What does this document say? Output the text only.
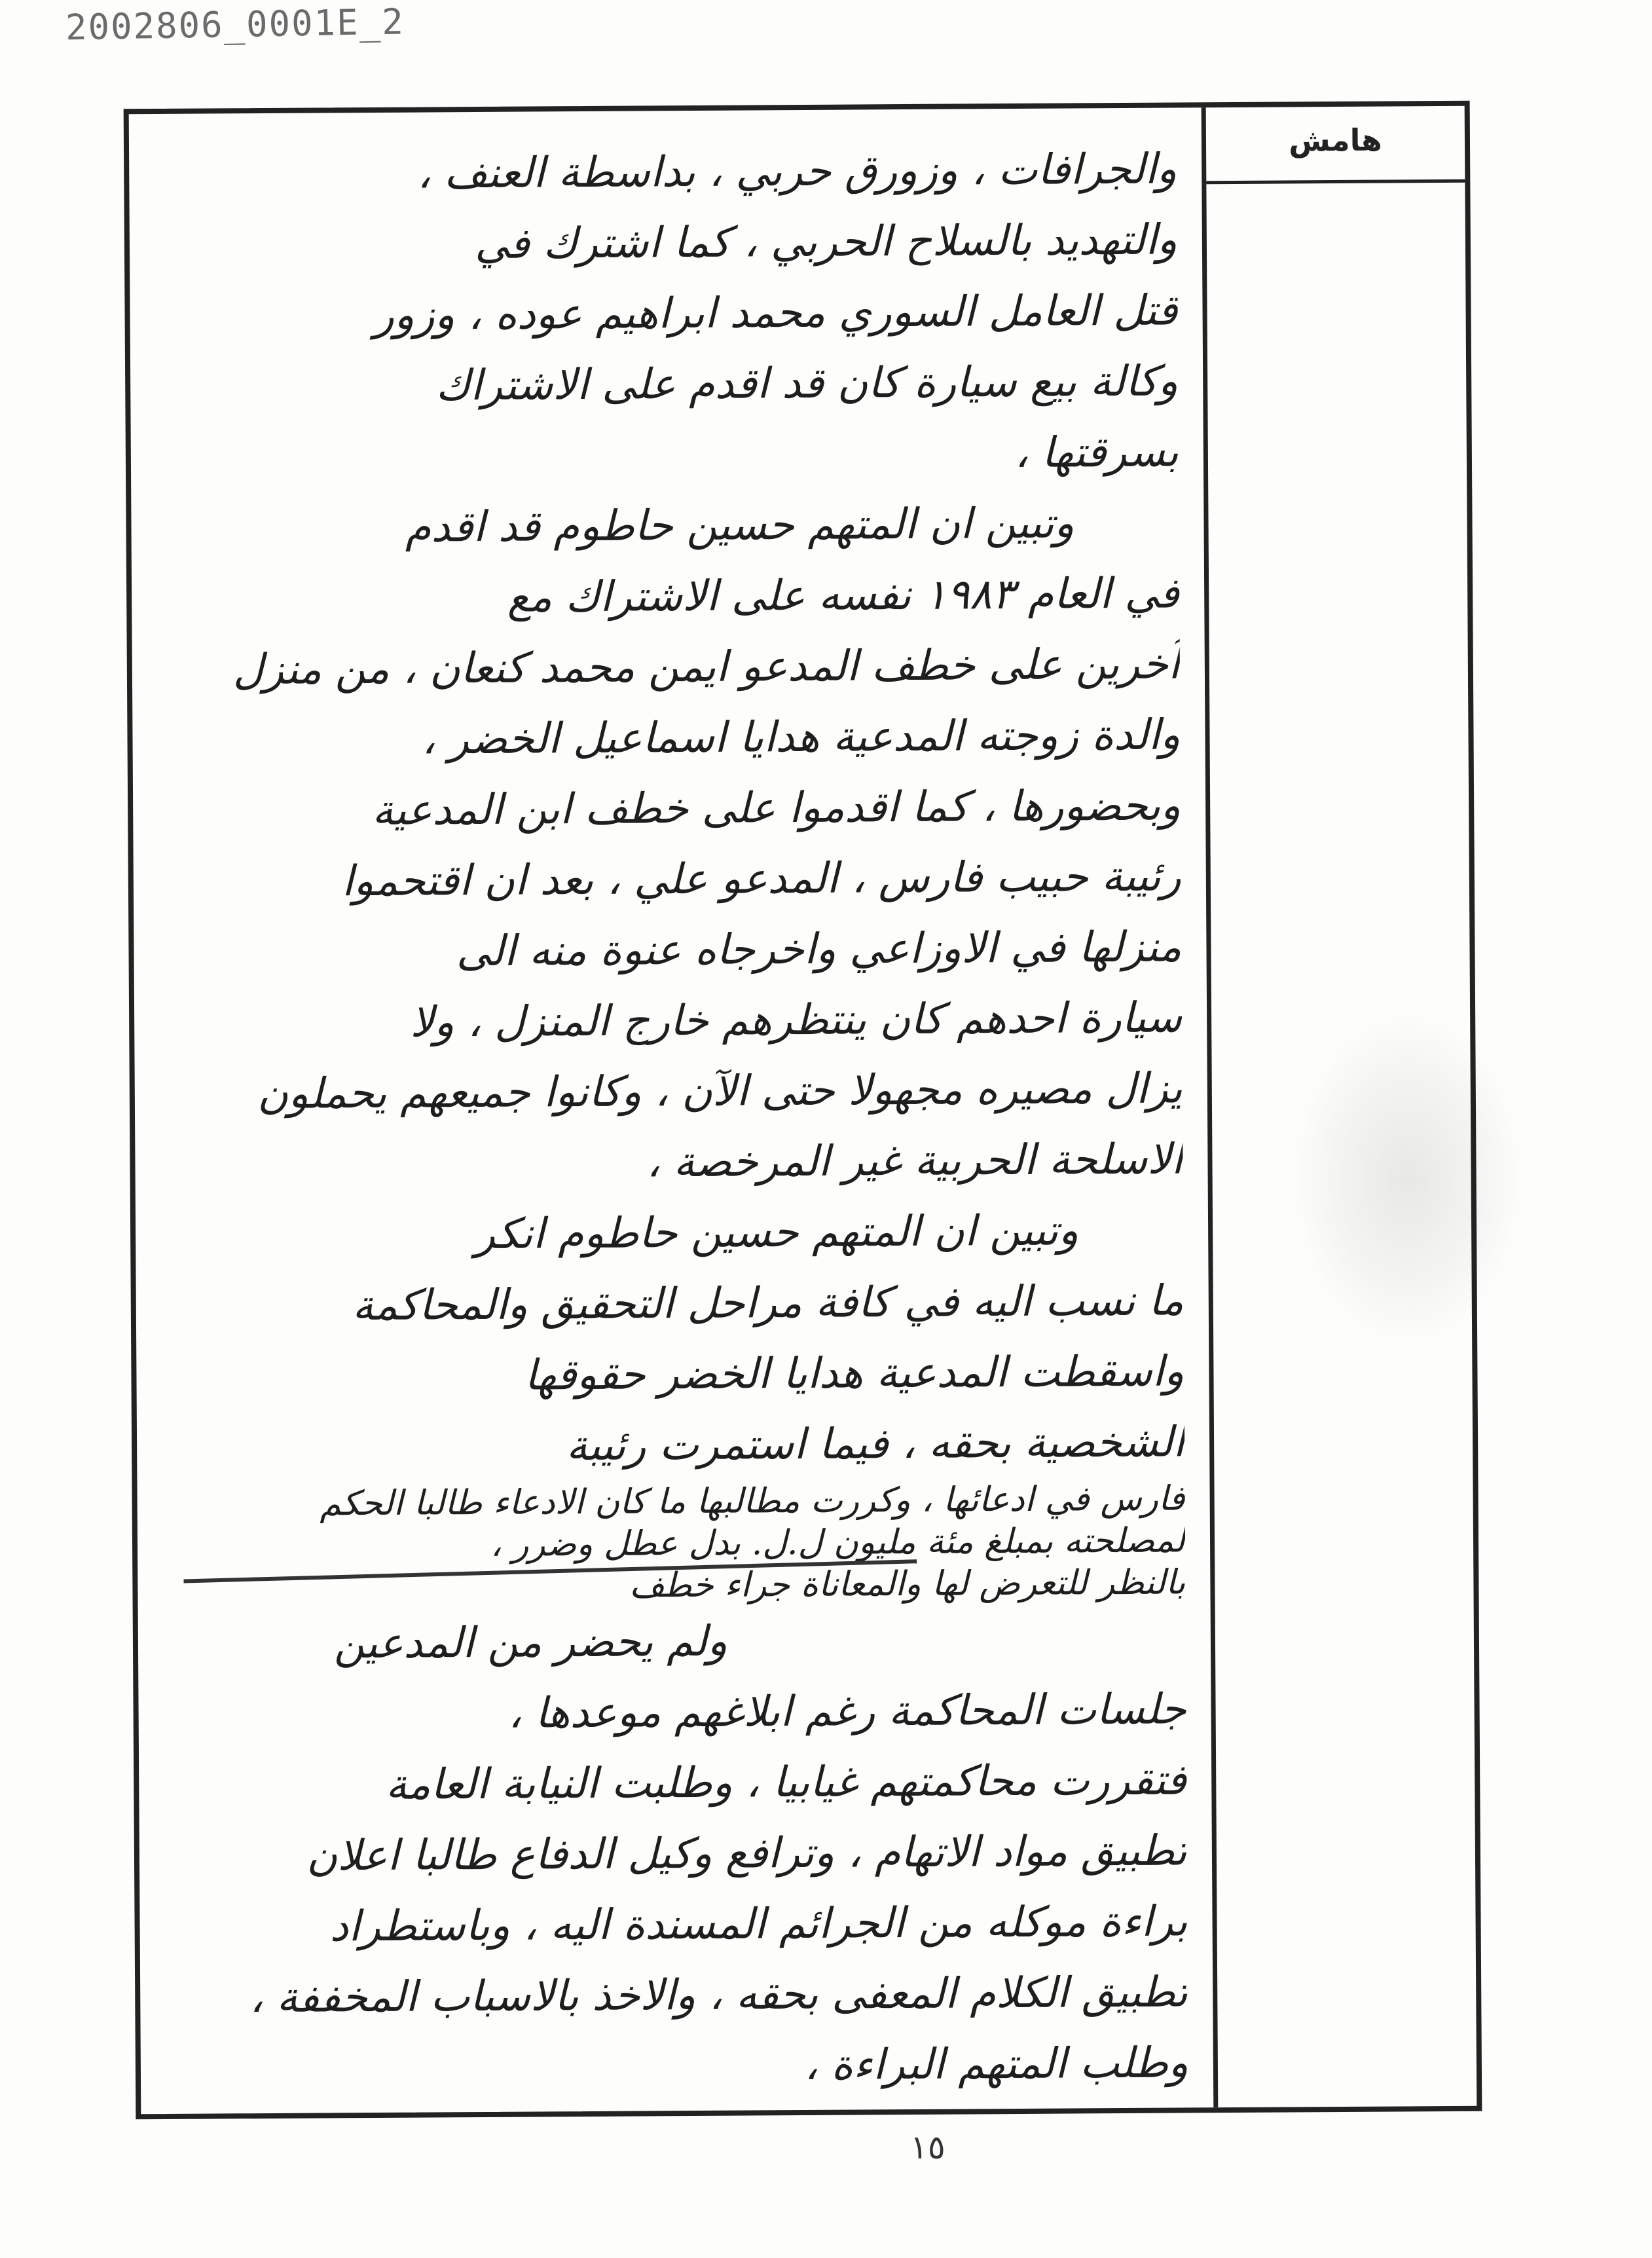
2002806_0001E_2
هامش
والجرافات ، وزورق حربي ، بداسطة العنف ،
والتهديد بالسلاح الحربي ، كما اشترك في
قتل العامل السوري محمد ابراهيم عوده ، وزور
وكالة بيع سيارة كان قد اقدم على الاشتراك
بسرقتها ،
وتبين ان المتهم حسين حاطوم قد اقدم
في العام ١٩٨٣ نفسه على الاشتراك مع
آخرين على خطف المدعو ايمن محمد كنعان ، من منزل
والدة زوجته المدعية هدايا اسماعيل الخضر ،
وبحضورها ، كما اقدموا على خطف ابن المدعية
رئيبة حبيب فارس ، المدعو علي ، بعد ان اقتحموا
منزلها في الاوزاعي واخرجاه عنوة منه الى
سيارة احدهم كان ينتظرهم خارج المنزل ، ولا
يزال مصيره مجهولا حتى الآن ، وكانوا جميعهم يحملون
الاسلحة الحربية غير المرخصة ،
وتبين ان المتهم حسين حاطوم انكر
ما نسب اليه في كافة مراحل التحقيق والمحاكمة
واسقطت المدعية هدايا الخضر حقوقها
الشخصية بحقه ، فيما استمرت رئيبة
فارس في ادعائها ، وكررت مطالبها ما كان الادعاء طالبا الحكم
لمصلحته بمبلغ مئة مليون ل.ل. بدل عطل وضرر ،
بالنظر للتعرض لها والمعاناة جراء خطف
ولم يحضر من المدعين
جلسات المحاكمة رغم ابلاغهم موعدها ،
فتقررت محاكمتهم غيابيا ، وطلبت النيابة العامة
تطبيق مواد الاتهام ، وترافع وكيل الدفاع طالبا اعلان
براءة موكله من الجرائم المسندة اليه ، وباستطراد
تطبيق الكلام المعفى بحقه ، والاخذ بالاسباب المخففة ،
وطلب المتهم البراءة ،
١٥
